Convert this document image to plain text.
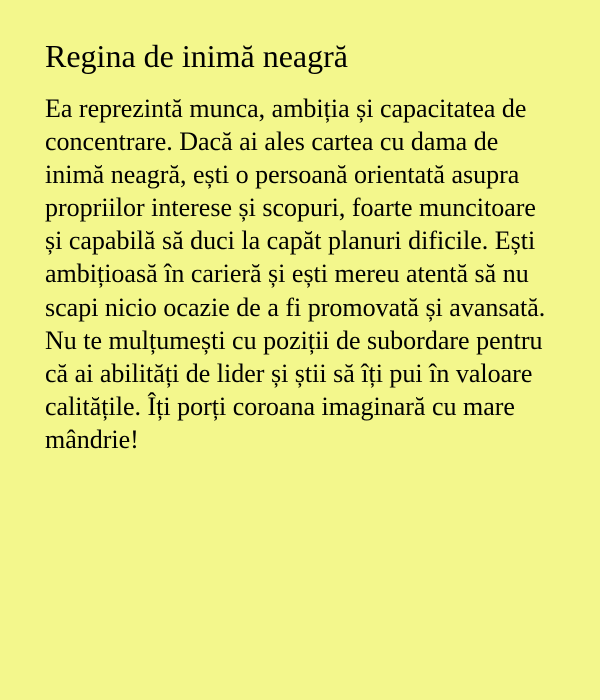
Regina de inimă neagră

Ea reprezintă munca, ambiția și capacitatea de concentrare. Dacă ai ales cartea cu dama de inimă neagră, ești o persoană orientată asupra propriilor interese și scopuri, foarte muncitoare și capabilă să duci la capăt planuri dificile. Ești ambițioasă în carieră și ești mereu atentă să nu scapi nicio ocazie de a fi promovată și avansată. Nu te mulțumești cu poziții de subordare pentru că ai abilități de lider și știi să îți pui în valoare calitățile. Îți porți coroana imaginară cu mare mândrie!
